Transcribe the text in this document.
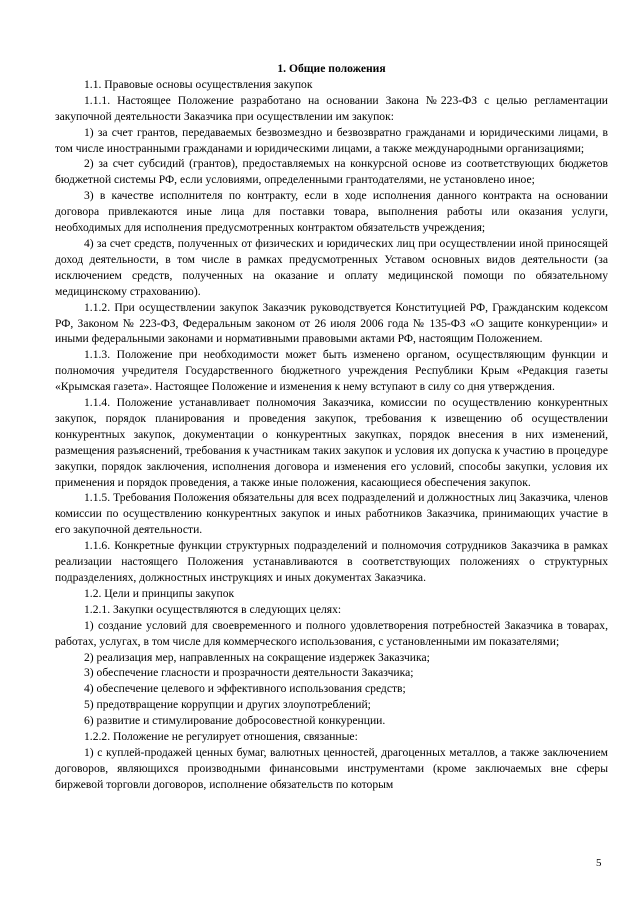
1. Общие положения
1.1. Правовые основы осуществления закупок
1.1.1. Настоящее Положение разработано на основании Закона №223-ФЗ с целью регламентации закупочной деятельности Заказчика при осуществлении им закупок:
1) за счет грантов, передаваемых безвозмездно и безвозвратно гражданами и юридическими лицами, в том числе иностранными гражданами и юридическими лицами, а также международными организациями;
2) за счет субсидий (грантов), предоставляемых на конкурсной основе из соответствующих бюджетов бюджетной системы РФ, если условиями, определенными грантодателями, не установлено иное;
3) в качестве исполнителя по контракту, если в ходе исполнения данного контракта на основании договора привлекаются иные лица для поставки товара, выполнения работы или оказания услуги, необходимых для исполнения предусмотренных контрактом обязательств учреждения;
4) за счет средств, полученных от физических и юридических лиц при осуществлении иной приносящей доход деятельности, в том числе в рамках предусмотренных Уставом основных видов деятельности (за исключением средств, полученных на оказание и оплату медицинской помощи по обязательному медицинскому страхованию).
1.1.2. При осуществлении закупок Заказчик руководствуется Конституцией РФ, Гражданским кодексом РФ, Законом № 223-ФЗ, Федеральным законом от 26 июля 2006 года № 135-ФЗ «О защите конкуренции» и иными федеральными законами и нормативными правовыми актами РФ, настоящим Положением.
1.1.3. Положение при необходимости может быть изменено органом, осуществляющим функции и полномочия учредителя Государственного бюджетного учреждения Республики Крым «Редакция газеты «Крымская газета». Настоящее Положение и изменения к нему вступают в силу со дня утверждения.
1.1.4. Положение устанавливает полномочия Заказчика, комиссии по осуществлению конкурентных закупок, порядок планирования и проведения закупок, требования к извещению об осуществлении конкурентных закупок, документации о конкурентных закупках, порядок внесения в них изменений, размещения разъяснений, требования к участникам таких закупок и условия их допуска к участию в процедуре закупки, порядок заключения, исполнения договора и изменения его условий, способы закупки, условия их применения и порядок проведения, а также иные положения, касающиеся обеспечения закупок.
1.1.5. Требования Положения обязательны для всех подразделений и должностных лиц Заказчика, членов комиссии по осуществлению конкурентных закупок и иных работников Заказчика, принимающих участие в его закупочной деятельности.
1.1.6. Конкретные функции структурных подразделений и полномочия сотрудников Заказчика в рамках реализации настоящего Положения устанавливаются в соответствующих положениях о структурных подразделениях, должностных инструкциях и иных документах Заказчика.
1.2. Цели и принципы закупок
1.2.1. Закупки осуществляются в следующих целях:
1) создание условий для своевременного и полного удовлетворения потребностей Заказчика в товарах, работах, услугах, в том числе для коммерческого использования, с установленными им показателями;
2) реализация мер, направленных на сокращение издержек Заказчика;
3) обеспечение гласности и прозрачности деятельности Заказчика;
4) обеспечение целевого и эффективного использования средств;
5) предотвращение коррупции и других злоупотреблений;
6) развитие и стимулирование добросовестной конкуренции.
1.2.2. Положение не регулирует отношения, связанные:
1) с куплей-продажей ценных бумаг, валютных ценностей, драгоценных металлов, а также заключением договоров, являющихся производными финансовыми инструментами (кроме заключаемых вне сферы биржевой торговли договоров, исполнение обязательств по которым
5
